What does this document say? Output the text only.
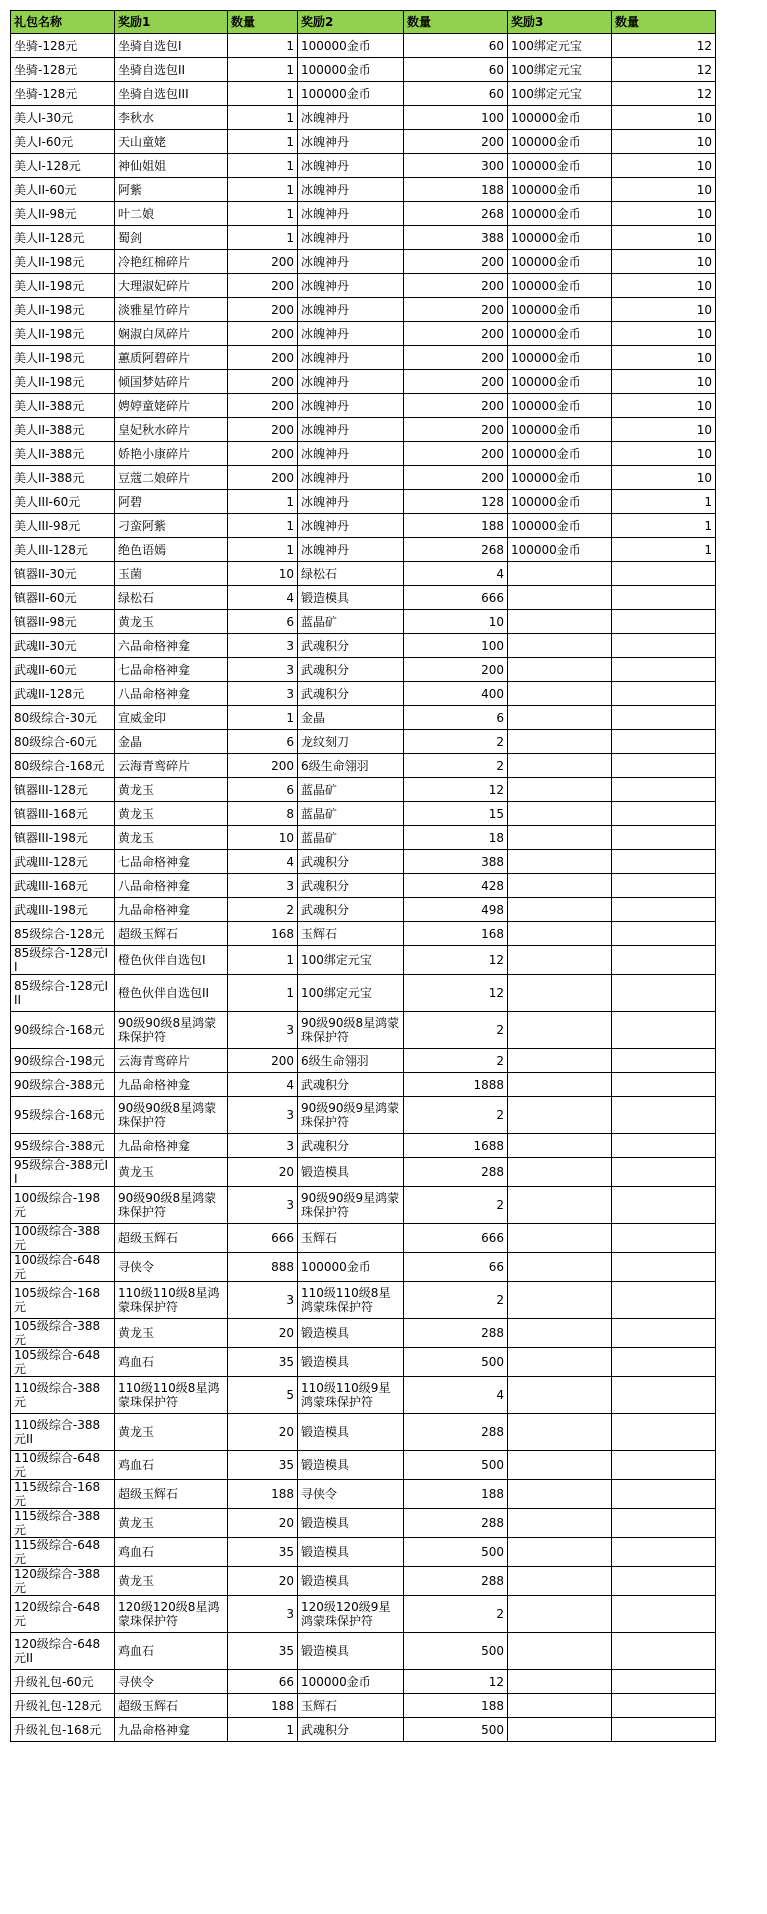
礼包名称	奖励1	数量	奖励2	数量	奖励3	数量
坐骑-128元	坐骑自选包I	1	100000金币	60	100绑定元宝	12
坐骑-128元	坐骑自选包II	1	100000金币	60	100绑定元宝	12
坐骑-128元	坐骑自选包III	1	100000金币	60	100绑定元宝	12
美人I-30元	李秋水	1	冰魄神丹	100	100000金币	10
美人I-60元	天山童姥	1	冰魄神丹	200	100000金币	10
美人I-128元	神仙姐姐	1	冰魄神丹	300	100000金币	10
美人II-60元	阿紫	1	冰魄神丹	188	100000金币	10
美人II-98元	叶二娘	1	冰魄神丹	268	100000金币	10
美人II-128元	蜀剑	1	冰魄神丹	388	100000金币	10
美人II-198元	冷艳红棉碎片	200	冰魄神丹	200	100000金币	10
美人II-198元	大理淑妃碎片	200	冰魄神丹	200	100000金币	10
美人II-198元	淡雅星竹碎片	200	冰魄神丹	200	100000金币	10
美人II-198元	娴淑白凤碎片	200	冰魄神丹	200	100000金币	10
美人II-198元	蕙质阿碧碎片	200	冰魄神丹	200	100000金币	10
美人II-198元	倾国梦姑碎片	200	冰魄神丹	200	100000金币	10
美人II-388元	娉婷童姥碎片	200	冰魄神丹	200	100000金币	10
美人II-388元	皇妃秋水碎片	200	冰魄神丹	200	100000金币	10
美人II-388元	娇艳小康碎片	200	冰魄神丹	200	100000金币	10
美人II-388元	豆蔻二娘碎片	200	冰魄神丹	200	100000金币	10
美人III-60元	阿碧	1	冰魄神丹	128	100000金币	1
美人III-98元	刁蛮阿紫	1	冰魄神丹	188	100000金币	1
美人III-128元	绝色语嫣	1	冰魄神丹	268	100000金币	1
镇器II-30元	玉菌	10	绿松石	4		
镇器II-60元	绿松石	4	锻造模具	666		
镇器II-98元	黄龙玉	6	蓝晶矿	10		
武魂II-30元	六品命格神龛	3	武魂积分	100		
武魂II-60元	七品命格神龛	3	武魂积分	200		
武魂II-128元	八品命格神龛	3	武魂积分	400		
80级综合-30元	宣威金印	1	金晶	6		
80级综合-60元	金晶	6	龙纹刻刀	2		
80级综合-168元	云海青鸾碎片	200	6级生命翎羽	2		
镇器III-128元	黄龙玉	6	蓝晶矿	12		
镇器III-168元	黄龙玉	8	蓝晶矿	15		
镇器III-198元	黄龙玉	10	蓝晶矿	18		
武魂III-128元	七品命格神龛	4	武魂积分	388		
武魂III-168元	八品命格神龛	3	武魂积分	428		
武魂III-198元	九品命格神龛	2	武魂积分	498		
85级综合-128元	超级玉辉石	168	玉辉石	168		
85级综合-128元II	橙色伙伴自选包I	1	100绑定元宝	12		
85级综合-128元III	橙色伙伴自选包II	1	100绑定元宝	12		
90级综合-168元	90级90级8星鸿蒙珠保护符	3	90级90级8星鸿蒙珠保护符	2		
90级综合-198元	云海青鸾碎片	200	6级生命翎羽	2		
90级综合-388元	九品命格神龛	4	武魂积分	1888		
95级综合-168元	90级90级8星鸿蒙珠保护符	3	90级90级9星鸿蒙珠保护符	2		
95级综合-388元	九品命格神龛	3	武魂积分	1688		
95级综合-388元II	黄龙玉	20	锻造模具	288		
100级综合-198元	90级90级8星鸿蒙珠保护符	3	90级90级9星鸿蒙珠保护符	2		
100级综合-388元	超级玉辉石	666	玉辉石	666		
100级综合-648元	寻侠令	888	100000金币	66		
105级综合-168元	110级110级8星鸿蒙珠保护符	3	110级110级8星鸿蒙珠保护符	2		
105级综合-388元	黄龙玉	20	锻造模具	288		
105级综合-648元	鸡血石	35	锻造模具	500		
110级综合-388元	110级110级8星鸿蒙珠保护符	5	110级110级9星鸿蒙珠保护符	4		
110级综合-388元II	黄龙玉	20	锻造模具	288		
110级综合-648元	鸡血石	35	锻造模具	500		
115级综合-168元	超级玉辉石	188	寻侠令	188		
115级综合-388元	黄龙玉	20	锻造模具	288		
115级综合-648元	鸡血石	35	锻造模具	500		
120级综合-388元	黄龙玉	20	锻造模具	288		
120级综合-648元	120级120级8星鸿蒙珠保护符	3	120级120级9星鸿蒙珠保护符	2		
120级综合-648元II	鸡血石	35	锻造模具	500		
升级礼包-60元	寻侠令	66	100000金币	12		
升级礼包-128元	超级玉辉石	188	玉辉石	188		
升级礼包-168元	九品命格神龛	1	武魂积分	500		
